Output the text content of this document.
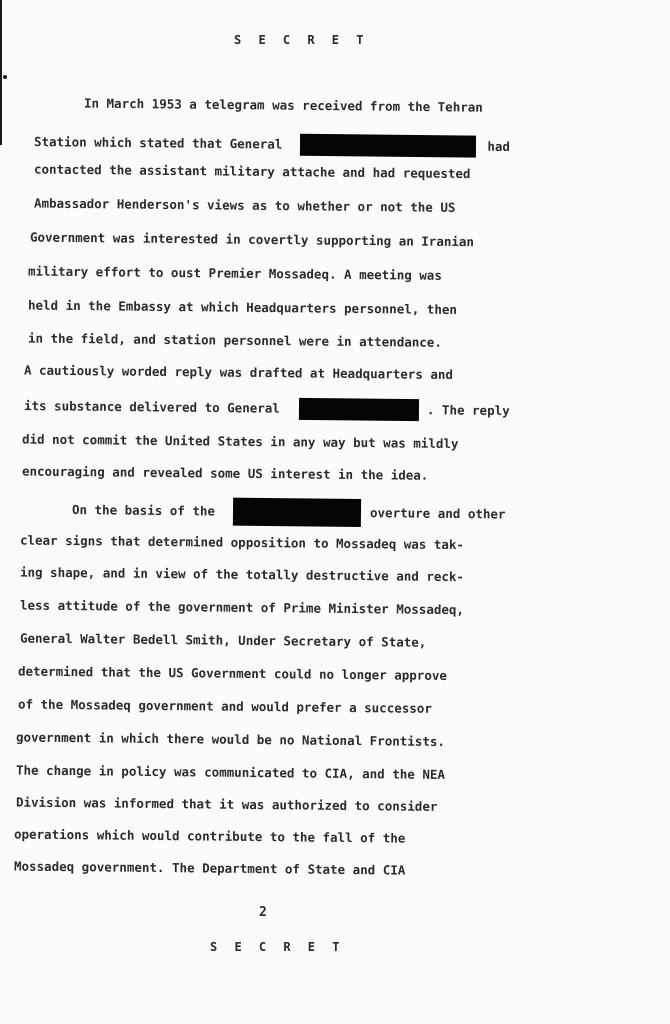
S E C R E T
In March 1953 a telegram was received from the Tehran
Station which stated that General	had
contacted the assistant military attache and had requested
Ambassador Henderson's views as to whether or not the US
Government was interested in covertly supporting an Iranian
military effort to oust Premier Mossadeq. A meeting was
held in the Embassy at which Headquarters personnel, then
in the field, and station personnel were in attendance.
A cautiously worded reply was drafted at Headquarters and
its substance delivered to General	. The reply
did not commit the United States in any way but was mildly
encouraging and revealed some US interest in the idea.
On the basis of the	overture and other
clear signs that determined opposition to Mossadeq was tak-
ing shape, and in view of the totally destructive and reck-
less attitude of the government of Prime Minister Mossadeq,
General Walter Bedell Smith, Under Secretary of State,
determined that the US Government could no longer approve
of the Mossadeq government and would prefer a successor
government in which there would be no National Frontists.
The change in policy was communicated to CIA, and the NEA
Division was informed that it was authorized to consider
operations which would contribute to the fall of the
Mossadeq government. The Department of State and CIA
2
S E C R E T
